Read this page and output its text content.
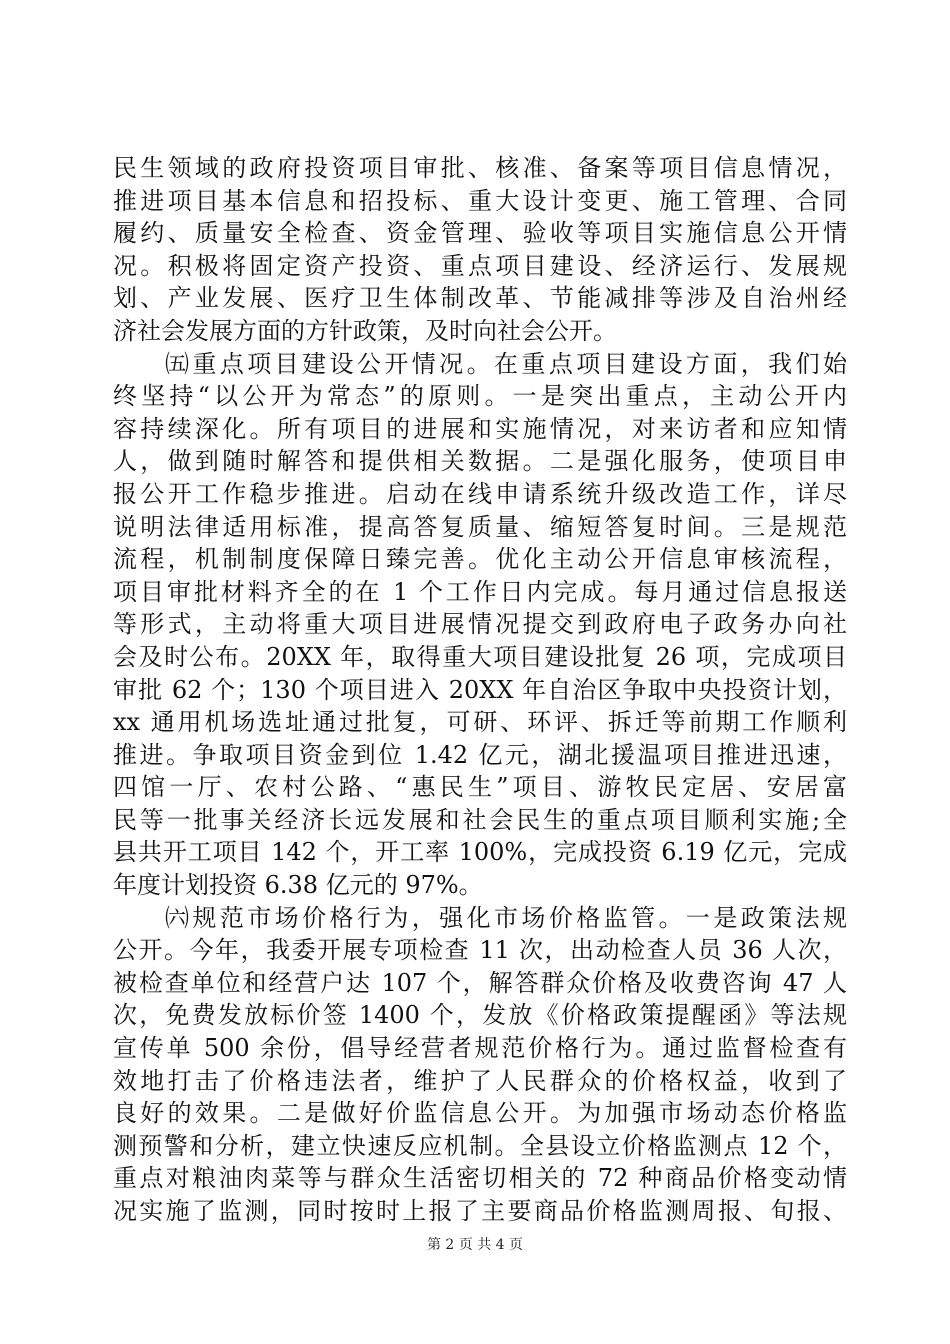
民生领域的政府投资项目审批、核准、备案等项目信息情况，
推进项目基本信息和招投标、重大设计变更、施工管理、合同
履约、质量安全检查、资金管理、验收等项目实施信息公开情
况。积极将固定资产投资、重点项目建设、经济运行、发展规
划、产业发展、医疗卫生体制改革、节能减排等涉及自治州经
济社会发展方面的方针政策，及时向社会公开。
㈤重点项目建设公开情况。在重点项目建设方面，我们始
终坚持“以公开为常态”的原则。一是突出重点，主动公开内
容持续深化。所有项目的进展和实施情况，对来访者和应知情
人，做到随时解答和提供相关数据。二是强化服务，使项目申
报公开工作稳步推进。启动在线申请系统升级改造工作，详尽
说明法律适用标准，提高答复质量、缩短答复时间。三是规范
流程，机制制度保障日臻完善。优化主动公开信息审核流程，
项目审批材料齐全的在 1 个工作日内完成。每月通过信息报送
等形式，主动将重大项目进展情况提交到政府电子政务办向社
会及时公布。20XX 年，取得重大项目建设批复 26 项，完成项目
审批 62 个；130 个项目进入 20XX 年自治区争取中央投资计划，
xx 通用机场选址通过批复，可研、环评、拆迁等前期工作顺利
推进。争取项目资金到位 1.42 亿元，湖北援温项目推进迅速，
四馆一厅、农村公路、“惠民生”项目、游牧民定居、安居富
民等一批事关经济长远发展和社会民生的重点项目顺利实施;全
县共开工项目 142 个，开工率 100%，完成投资 6.19 亿元，完成
年度计划投资 6.38 亿元的 97%。
㈥规范市场价格行为，强化市场价格监管。一是政策法规
公开。今年，我委开展专项检查 11 次，出动检查人员 36 人次，
被检查单位和经营户达 107 个，解答群众价格及收费咨询 47 人
次，免费发放标价签 1400 个，发放《价格政策提醒函》等法规
宣传单 500 余份，倡导经营者规范价格行为。通过监督检查有
效地打击了价格违法者，维护了人民群众的价格权益，收到了
良好的效果。二是做好价监信息公开。为加强市场动态价格监
测预警和分析，建立快速反应机制。全县设立价格监测点 12 个，
重点对粮油肉菜等与群众生活密切相关的 72 种商品价格变动情
况实施了监测，同时按时上报了主要商品价格监测周报、旬报、
第 2 页 共 4 页
